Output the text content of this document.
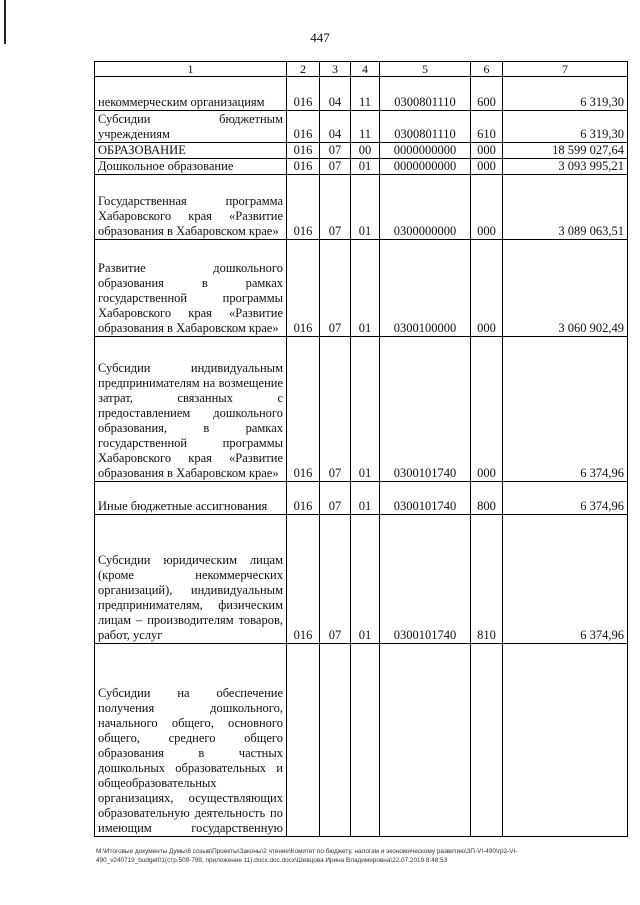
447
1	2	3	4	5	6	7
некоммерческим организациям	016	04	11	0300801110	600	6 319,30
Субсидии бюджетным учреждениям	016	04	11	0300801110	610	6 319,30
ОБРАЗОВАНИЕ	016	07	00	0000000000	000	18 599 027,64
Дошкольное образование	016	07	01	0000000000	000	3 093 995,21
Государственная программа Хабаровского края «Развитие образования в Хабаровском крае»	016	07	01	0300000000	000	3 089 063,51
Развитие дошкольного образования в рамках государственной программы Хабаровского края «Развитие образования в Хабаровском крае»	016	07	01	0300100000	000	3 060 902,49
Субсидии индивидуальным предпринимателям на возмещение затрат, связанных с предоставлением дошкольного образования, в рамках государственной программы Хабаровского края «Развитие образования в Хабаровском крае»	016	07	01	0300101740	000	6 374,96
Иные бюджетные ассигнования	016	07	01	0300101740	800	6 374,96
Субсидии юридическим лицам (кроме некоммерческих организаций), индивидуальным предпринимателям, физическим лицам – производителям товаров, работ, услуг	016	07	01	0300101740	810	6 374,96
Субсидии на обеспечение получения дошкольного, начального общего, основного общего, среднего общего образования в частных дошкольных образовательных и общеобразовательных организациях, осуществляющих образовательную деятельность по имеющим государственную						
M:\Итоговые документы Думы\6 созыв\Проекты\Законы\2 чтение\Комитет по бюджету, налогам и экономическому развитию\3П-VI-490\гр2-VI-
490_v240719_budget01(стр.509-799, приложение 11).docx.doc.docx\Шевцова Ирина Владимировна\22.07.2019 8:48:53
